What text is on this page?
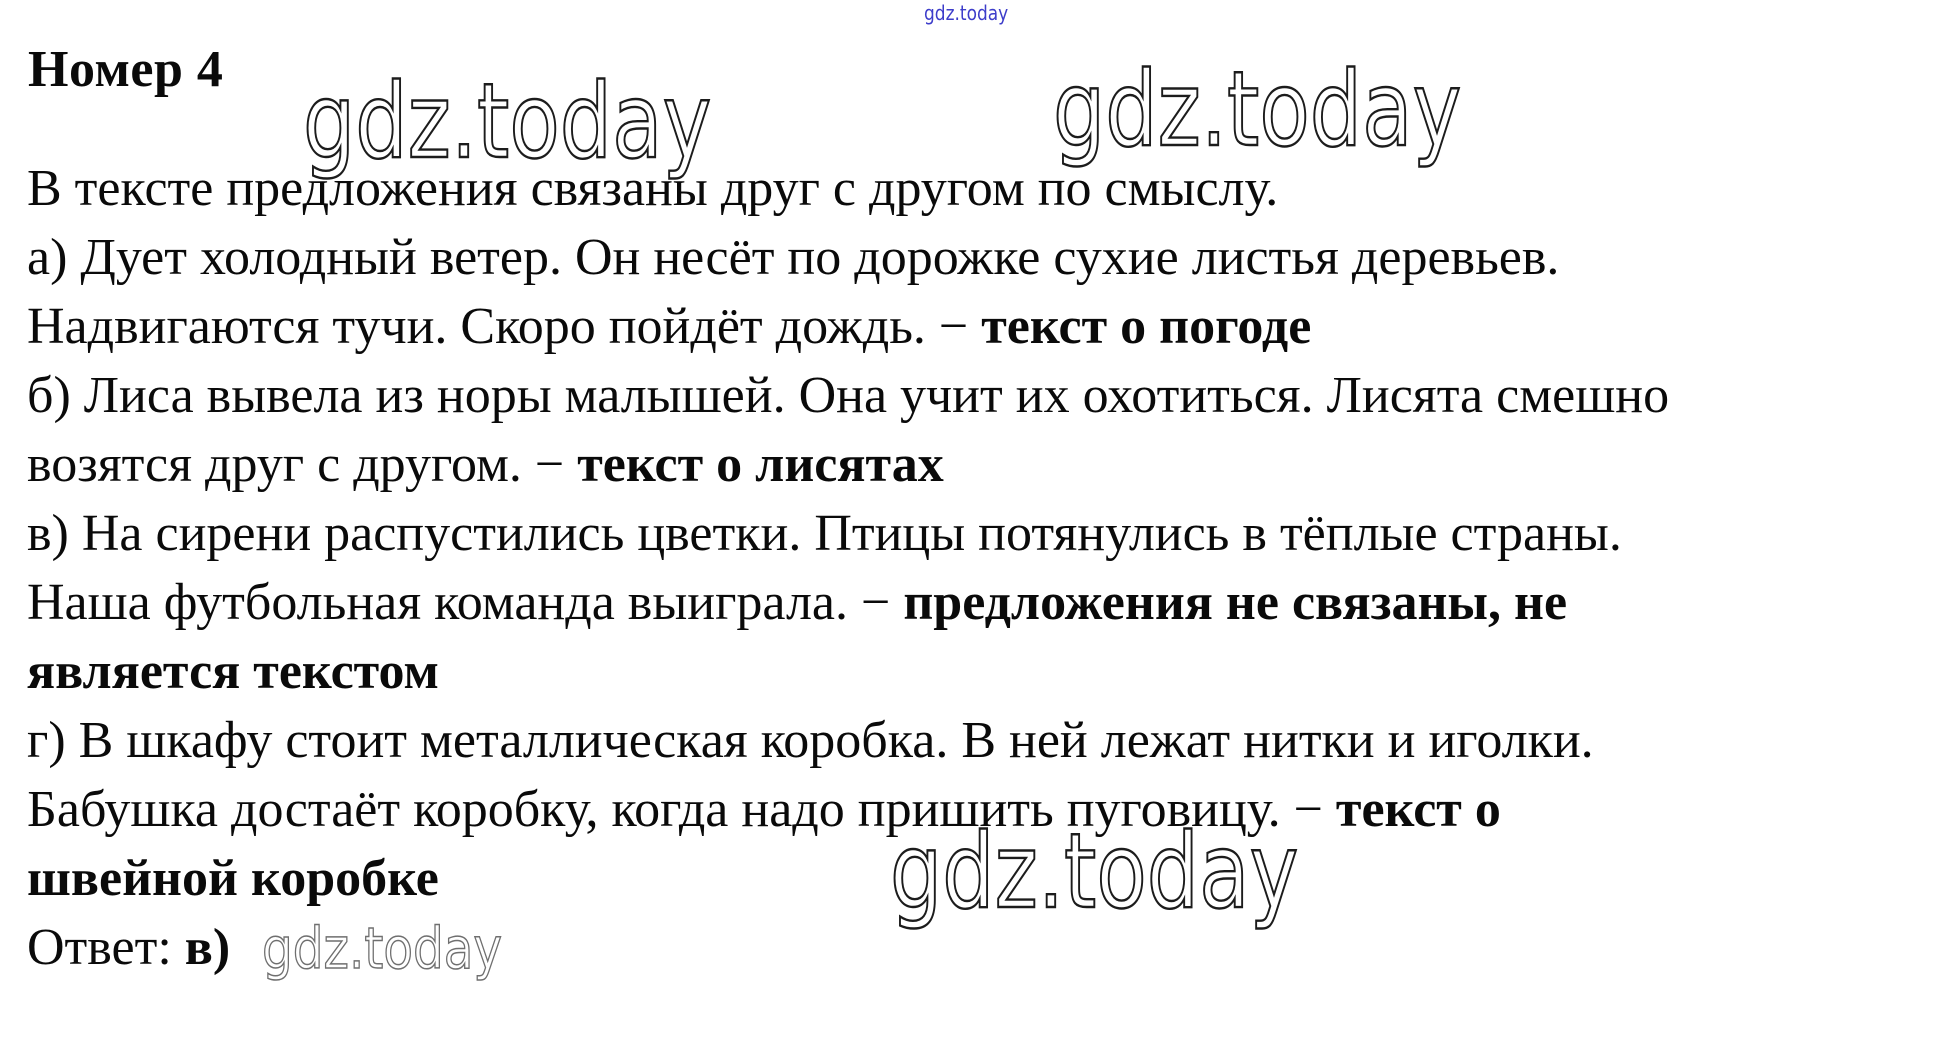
gdz.today
Номер 4 gdz.today	gdz.today
В тексте предложения связаны друг с другом по смыслу.
а) Дует холодный ветер. Он несёт по дорожке сухие листья деревьев.
Надвигаются тучи. Скоро пойдёт дождь. − текст о погоде
б) Лиса вывела из норы малышей. Она учит их охотиться. Лисята смешно
возятся друг с другом. − текст о лисятах
в) На сирени распустились цветки. Птицы потянулись в тёплые страны.
Наша футбольная команда выиграла. − предложения не связаны, не
является текстом
г) В шкафу стоит металлическая коробка. В ней лежат нитки и иголки.
Бабушка достаёт коробку, когда надо пришить пуговицу. − текст о
швейной коробке
Ответ: в)
gdz.today
gdz.today
